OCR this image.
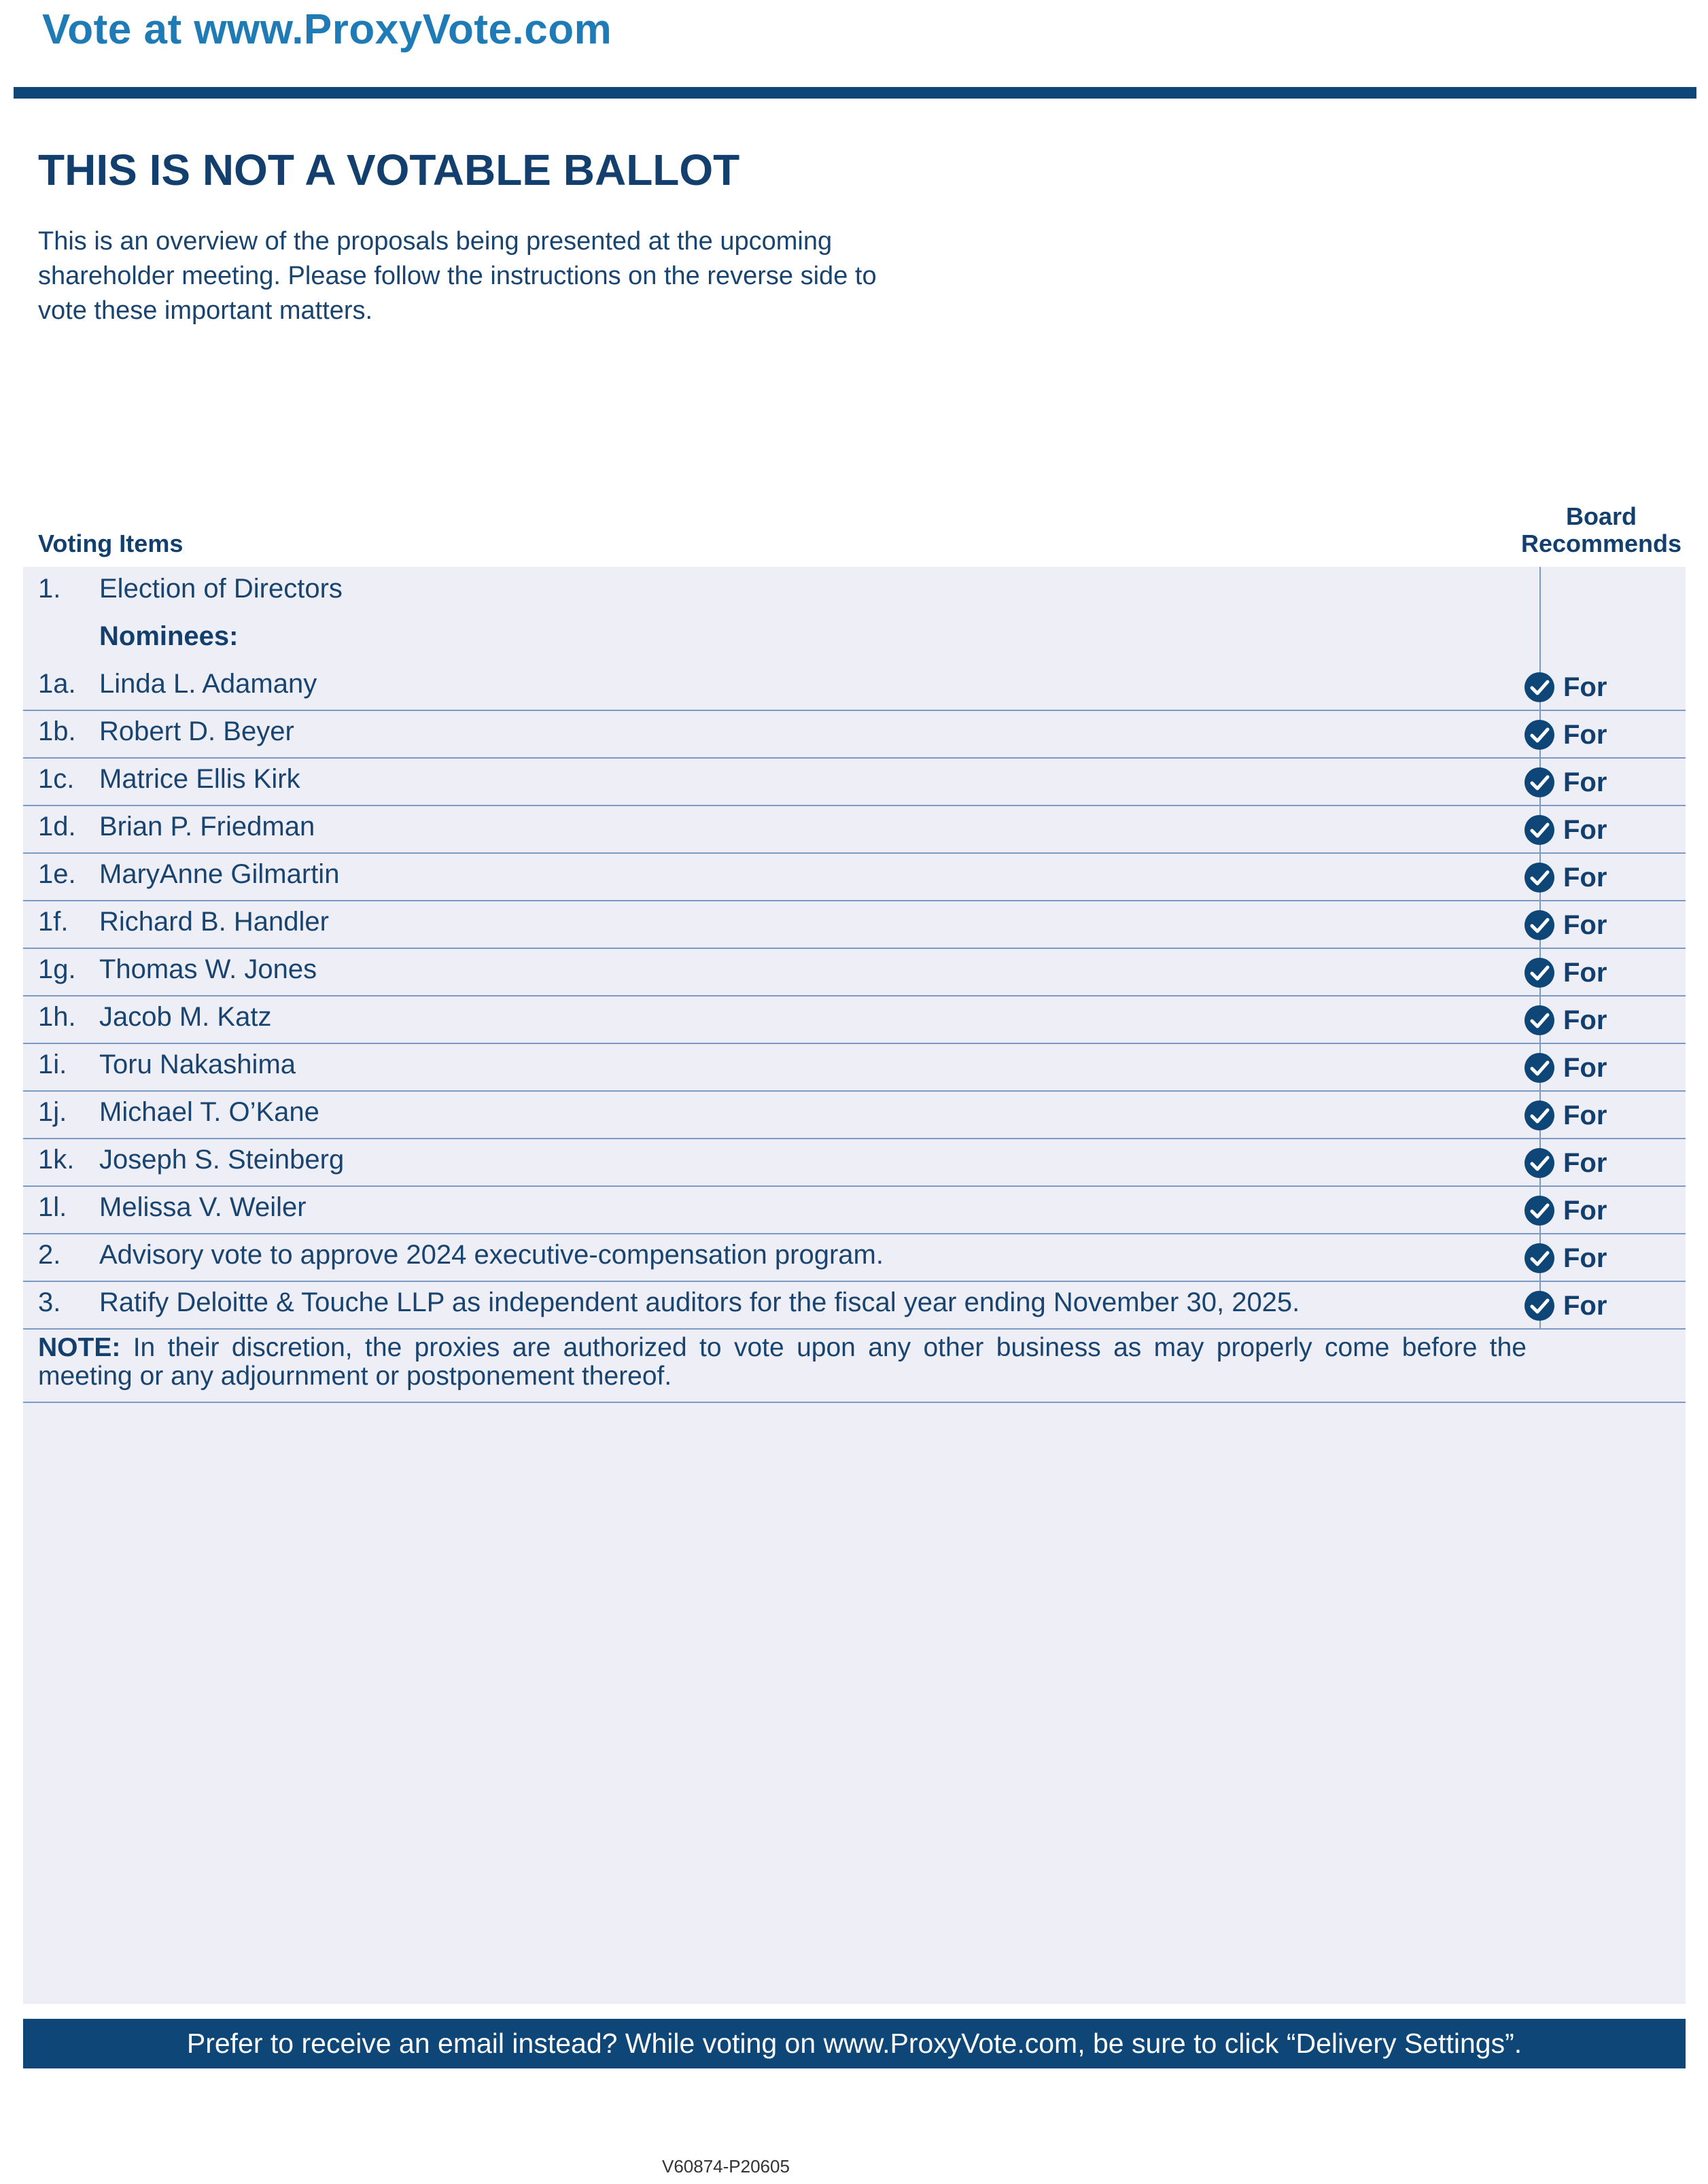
Vote at www.ProxyVote.com
THIS IS NOT A VOTABLE BALLOT
This is an overview of the proposals being presented at the upcoming shareholder meeting. Please follow the instructions on the reverse side to vote these important matters.
Voting Items
Board
Recommends
1. Election of Directors
Nominees:
1a. Linda L. Adamany	For
1b. Robert D. Beyer	For
1c. Matrice Ellis Kirk	For
1d. Brian P. Friedman	For
1e. MaryAnne Gilmartin	For
1f. Richard B. Handler	For
1g. Thomas W. Jones	For
1h. Jacob M. Katz	For
1i. Toru Nakashima	For
1j. Michael T. O’Kane	For
1k. Joseph S. Steinberg	For
1l. Melissa V. Weiler	For
2. Advisory vote to approve 2024 executive-compensation program.	For
3. Ratify Deloitte & Touche LLP as independent auditors for the fiscal year ending November 30, 2025.	For
NOTE: In their discretion, the proxies are authorized to vote upon any other business as may properly come before the meeting or any adjournment or postponement thereof.
Prefer to receive an email instead? While voting on www.ProxyVote.com, be sure to click “Delivery Settings”.
V60874-P20605
